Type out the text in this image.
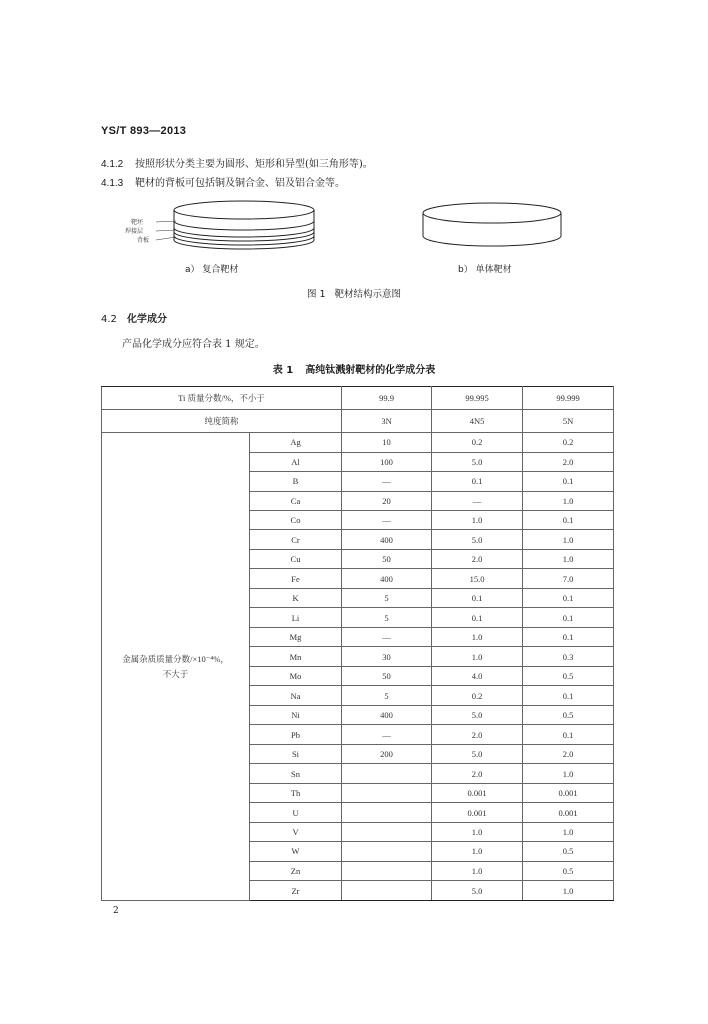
YS/T 893—2013
4.1.2 按照形状分类主要为圆形、矩形和异型(如三角形等)。
4.1.3 靶材的背板可包括铜及铜合金、铝及铝合金等。
靶坯
焊接层
背板
a） 复合靶材	b） 单体靶材
图 1 靶材结构示意图
4.2 化学成分
产品化学成分应符合表 1 规定。
表 1 高纯钛溅射靶材的化学成分表
Ti 质量分数/%，不小于		99.9	99.995	99.999
纯度简称		3N	4N5	5N

金属杂质质量分数/×10⁻⁴%，
不大于	Ag	10	0.2	0.2
	Al	100	5.0	2.0
	B	—	0.1	0.1
	Ca	20	—	1.0
	Co	—	1.0	0.1
	Cr	400	5.0	1.0
	Cu	50	2.0	1.0
	Fe	400	15.0	7.0
	K	5	0.1	0.1
	Li	5	0.1	0.1
	Mg	—	1.0	0.1
	Mn	30	1.0	0.3
	Mo	50	4.0	0.5
	Na	5	0.2	0.1
	Ni	400	5.0	0.5
	Pb	—	2.0	0.1
	Si	200	5.0	2.0
	Sn		2.0	1.0
	Th		0.001	0.001
	U		0.001	0.001
	V		1.0	1.0
	W		1.0	0.5
	Zn		1.0	0.5
	Zr		5.0	1.0
2
